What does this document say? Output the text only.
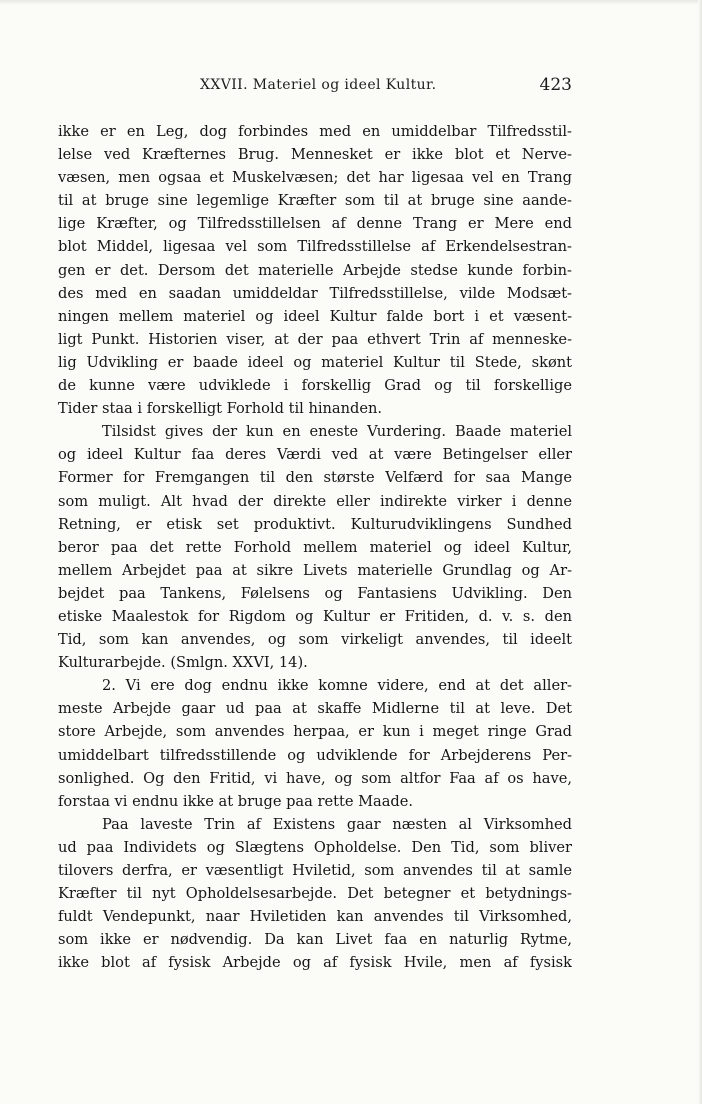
XXVII. Materiel og ideel Kultur.	423
ikke er en Leg, dog forbindes med en umiddelbar Tilfredsstil-
lelse ved Kræfternes Brug. Mennesket er ikke blot et Nerve-
væsen, men ogsaa et Muskelvæsen; det har ligesaa vel en Trang
til at bruge sine legemlige Kræfter som til at bruge sine aande-
lige Kræfter, og Tilfredsstillelsen af denne Trang er Mere end
blot Middel, ligesaa vel som Tilfredsstillelse af Erkendelsestran-
gen er det. Dersom det materielle Arbejde stedse kunde forbin-
des med en saadan umiddeldar Tilfredsstillelse, vilde Modsæt-
ningen mellem materiel og ideel Kultur falde bort i et væsent-
ligt Punkt. Historien viser, at der paa ethvert Trin af menneske-
lig Udvikling er baade ideel og materiel Kultur til Stede, skønt
de kunne være udviklede i forskellig Grad og til forskellige
Tider staa i forskelligt Forhold til hinanden.
Tilsidst gives der kun en eneste Vurdering. Baade materiel
og ideel Kultur faa deres Værdi ved at være Betingelser eller
Former for Fremgangen til den største Velfærd for saa Mange
som muligt. Alt hvad der direkte eller indirekte virker i denne
Retning, er etisk set produktivt. Kulturudviklingens Sundhed
beror paa det rette Forhold mellem materiel og ideel Kultur,
mellem Arbejdet paa at sikre Livets materielle Grundlag og Ar-
bejdet paa Tankens, Følelsens og Fantasiens Udvikling. Den
etiske Maalestok for Rigdom og Kultur er Fritiden, d. v. s. den
Tid, som kan anvendes, og som virkeligt anvendes, til ideelt
Kulturarbejde. (Smlgn. XXVI, 14).
2. Vi ere dog endnu ikke komne videre, end at det aller-
meste Arbejde gaar ud paa at skaffe Midlerne til at leve. Det
store Arbejde, som anvendes herpaa, er kun i meget ringe Grad
umiddelbart tilfredsstillende og udviklende for Arbejderens Per-
sonlighed. Og den Fritid, vi have, og som altfor Faa af os have,
forstaa vi endnu ikke at bruge paa rette Maade.
Paa laveste Trin af Existens gaar næsten al Virksomhed
ud paa Individets og Slægtens Opholdelse. Den Tid, som bliver
tilovers derfra, er væsentligt Hviletid, som anvendes til at samle
Kræfter til nyt Opholdelsesarbejde. Det betegner et betydnings-
fuldt Vendepunkt, naar Hviletiden kan anvendes til Virksomhed,
som ikke er nødvendig. Da kan Livet faa en naturlig Rytme,
ikke blot af fysisk Arbejde og af fysisk Hvile, men af fysisk
